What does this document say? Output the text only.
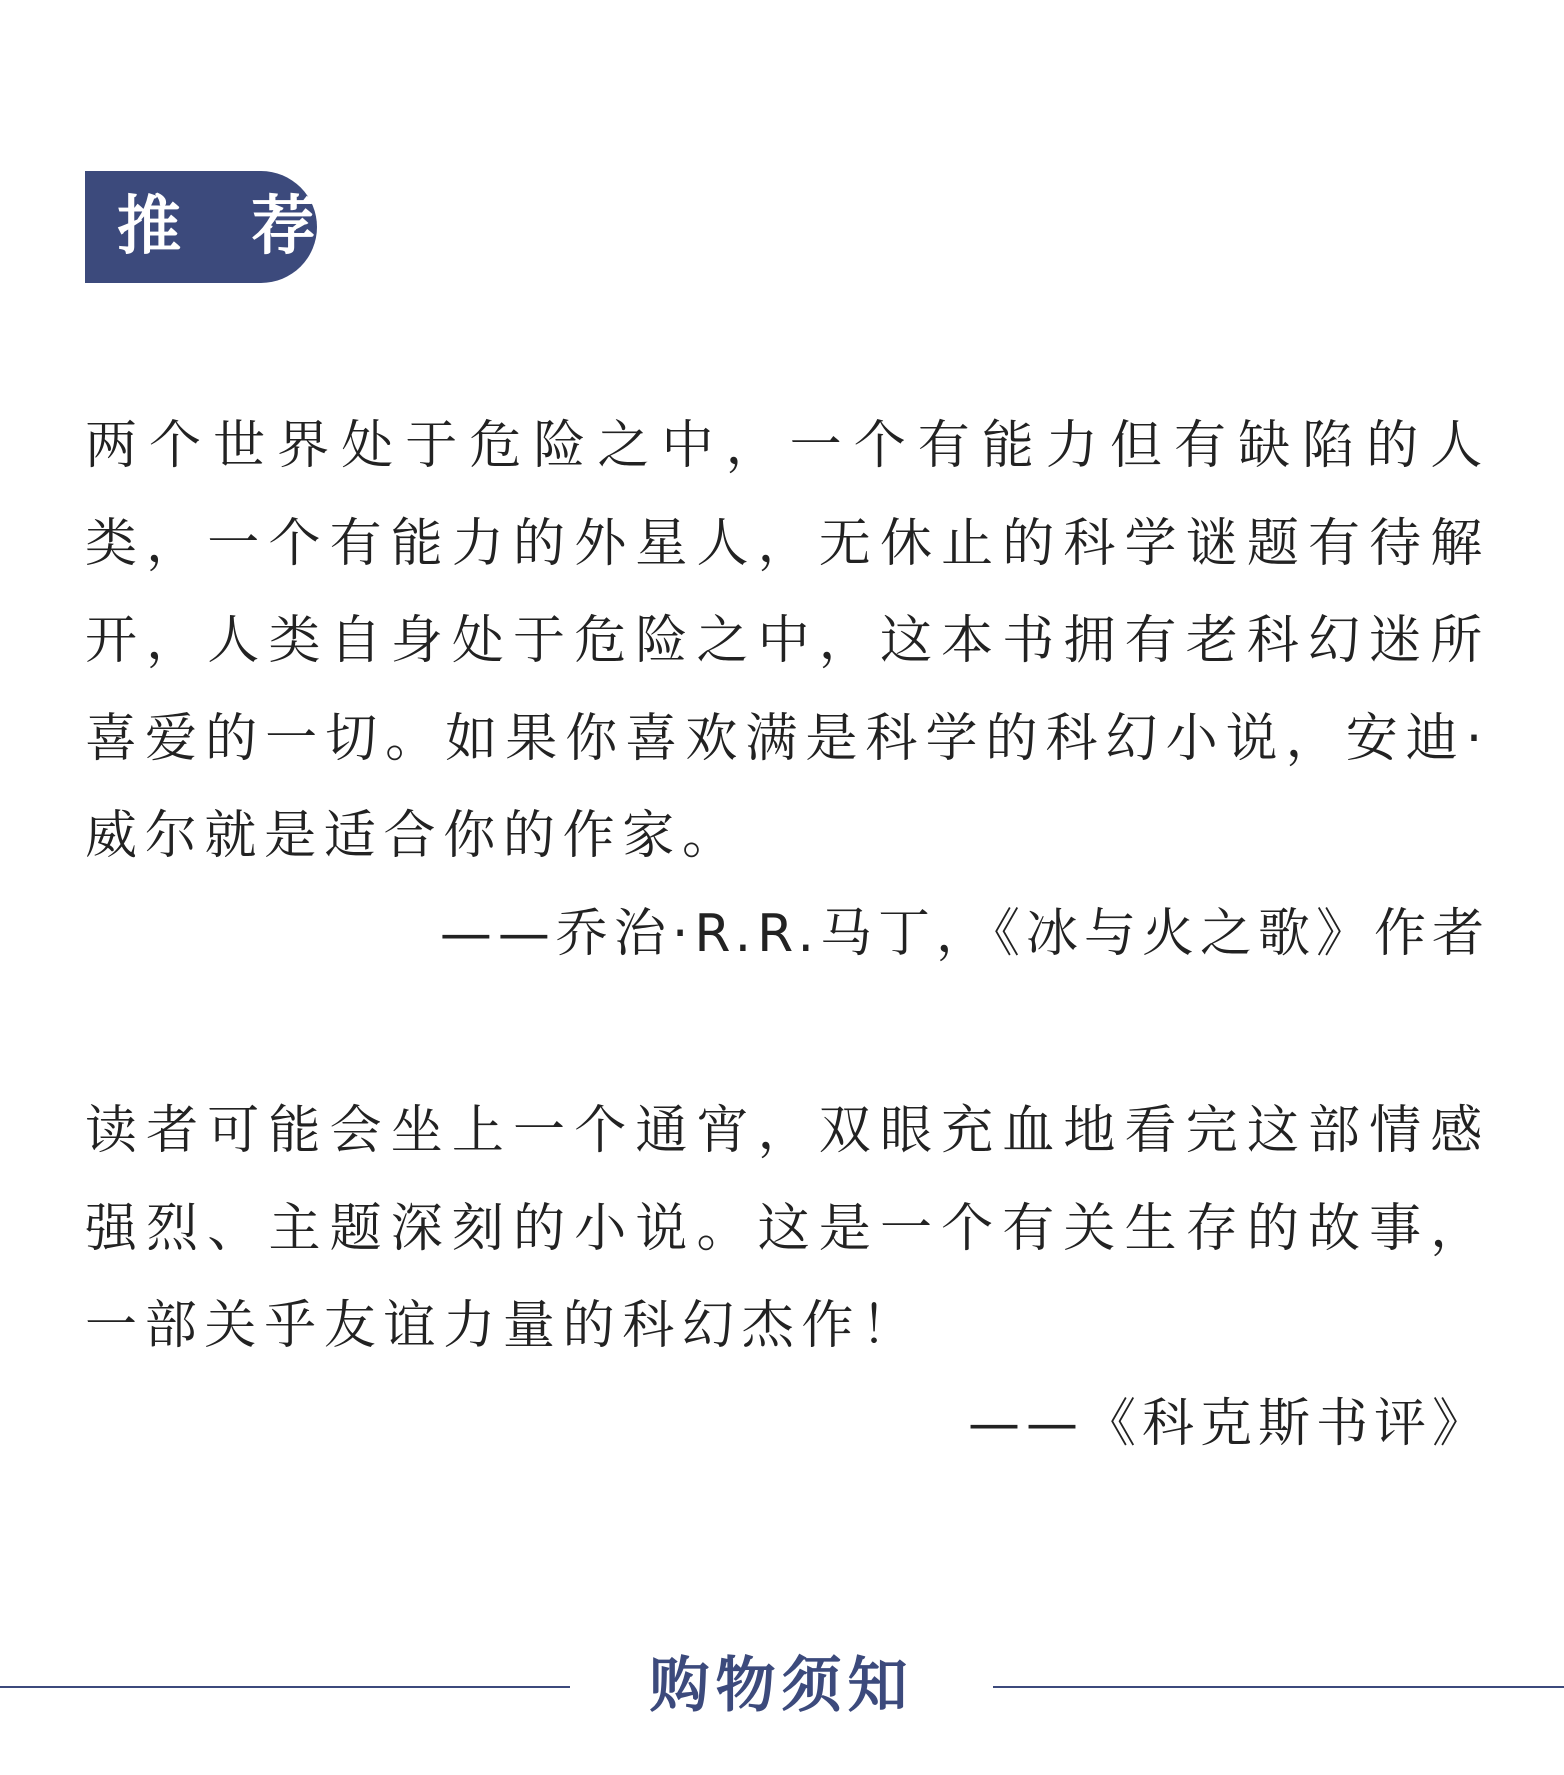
推 荐

两个世界处于危险之中，一个有能力但有缺陷的人类，一个有能力的外星人，无休止的科学谜题有待解开，人类自身处于危险之中，这本书拥有老科幻迷所喜爱的一切。如果你喜欢满是科学的科幻小说，安迪·威尔就是适合你的作家。

——乔治·R.R.马丁，《冰与火之歌》作者

读者可能会坐上一个通宵，双眼充血地看完这部情感强烈、主题深刻的小说。这是一个有关生存的故事，一部关乎友谊力量的科幻杰作！

——《科克斯书评》
购物须知
